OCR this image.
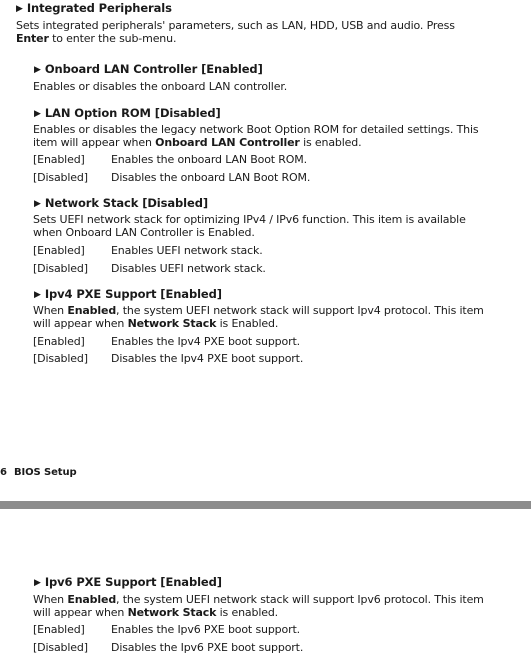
▶ Integrated Peripherals
Sets integrated peripherals' parameters, such as LAN, HDD, USB and audio. Press
Enter to enter the sub-menu.
▶ Onboard LAN Controller [Enabled]
Enables or disables the onboard LAN controller.
▶ LAN Option ROM [Disabled]
Enables or disables the legacy network Boot Option ROM for detailed settings. This
item will appear when Onboard LAN Controller is enabled.
[Enabled] Enables the onboard LAN Boot ROM.
[Disabled] Disables the onboard LAN Boot ROM.
▶ Network Stack [Disabled]
Sets UEFI network stack for optimizing IPv4 / IPv6 function. This item is available
when Onboard LAN Controller is Enabled.
[Enabled] Enables UEFI network stack.
[Disabled] Disables UEFI network stack.
▶ Ipv4 PXE Support [Enabled]
When Enabled, the system UEFI network stack will support Ipv4 protocol. This item
will appear when Network Stack is Enabled.
[Enabled] Enables the Ipv4 PXE boot support.
[Disabled] Disables the Ipv4 PXE boot support.
6 BIOS Setup
▶ Ipv6 PXE Support [Enabled]
When Enabled, the system UEFI network stack will support Ipv6 protocol. This item
will appear when Network Stack is enabled.
[Enabled] Enables the Ipv6 PXE boot support.
[Disabled] Disables the Ipv6 PXE boot support.
